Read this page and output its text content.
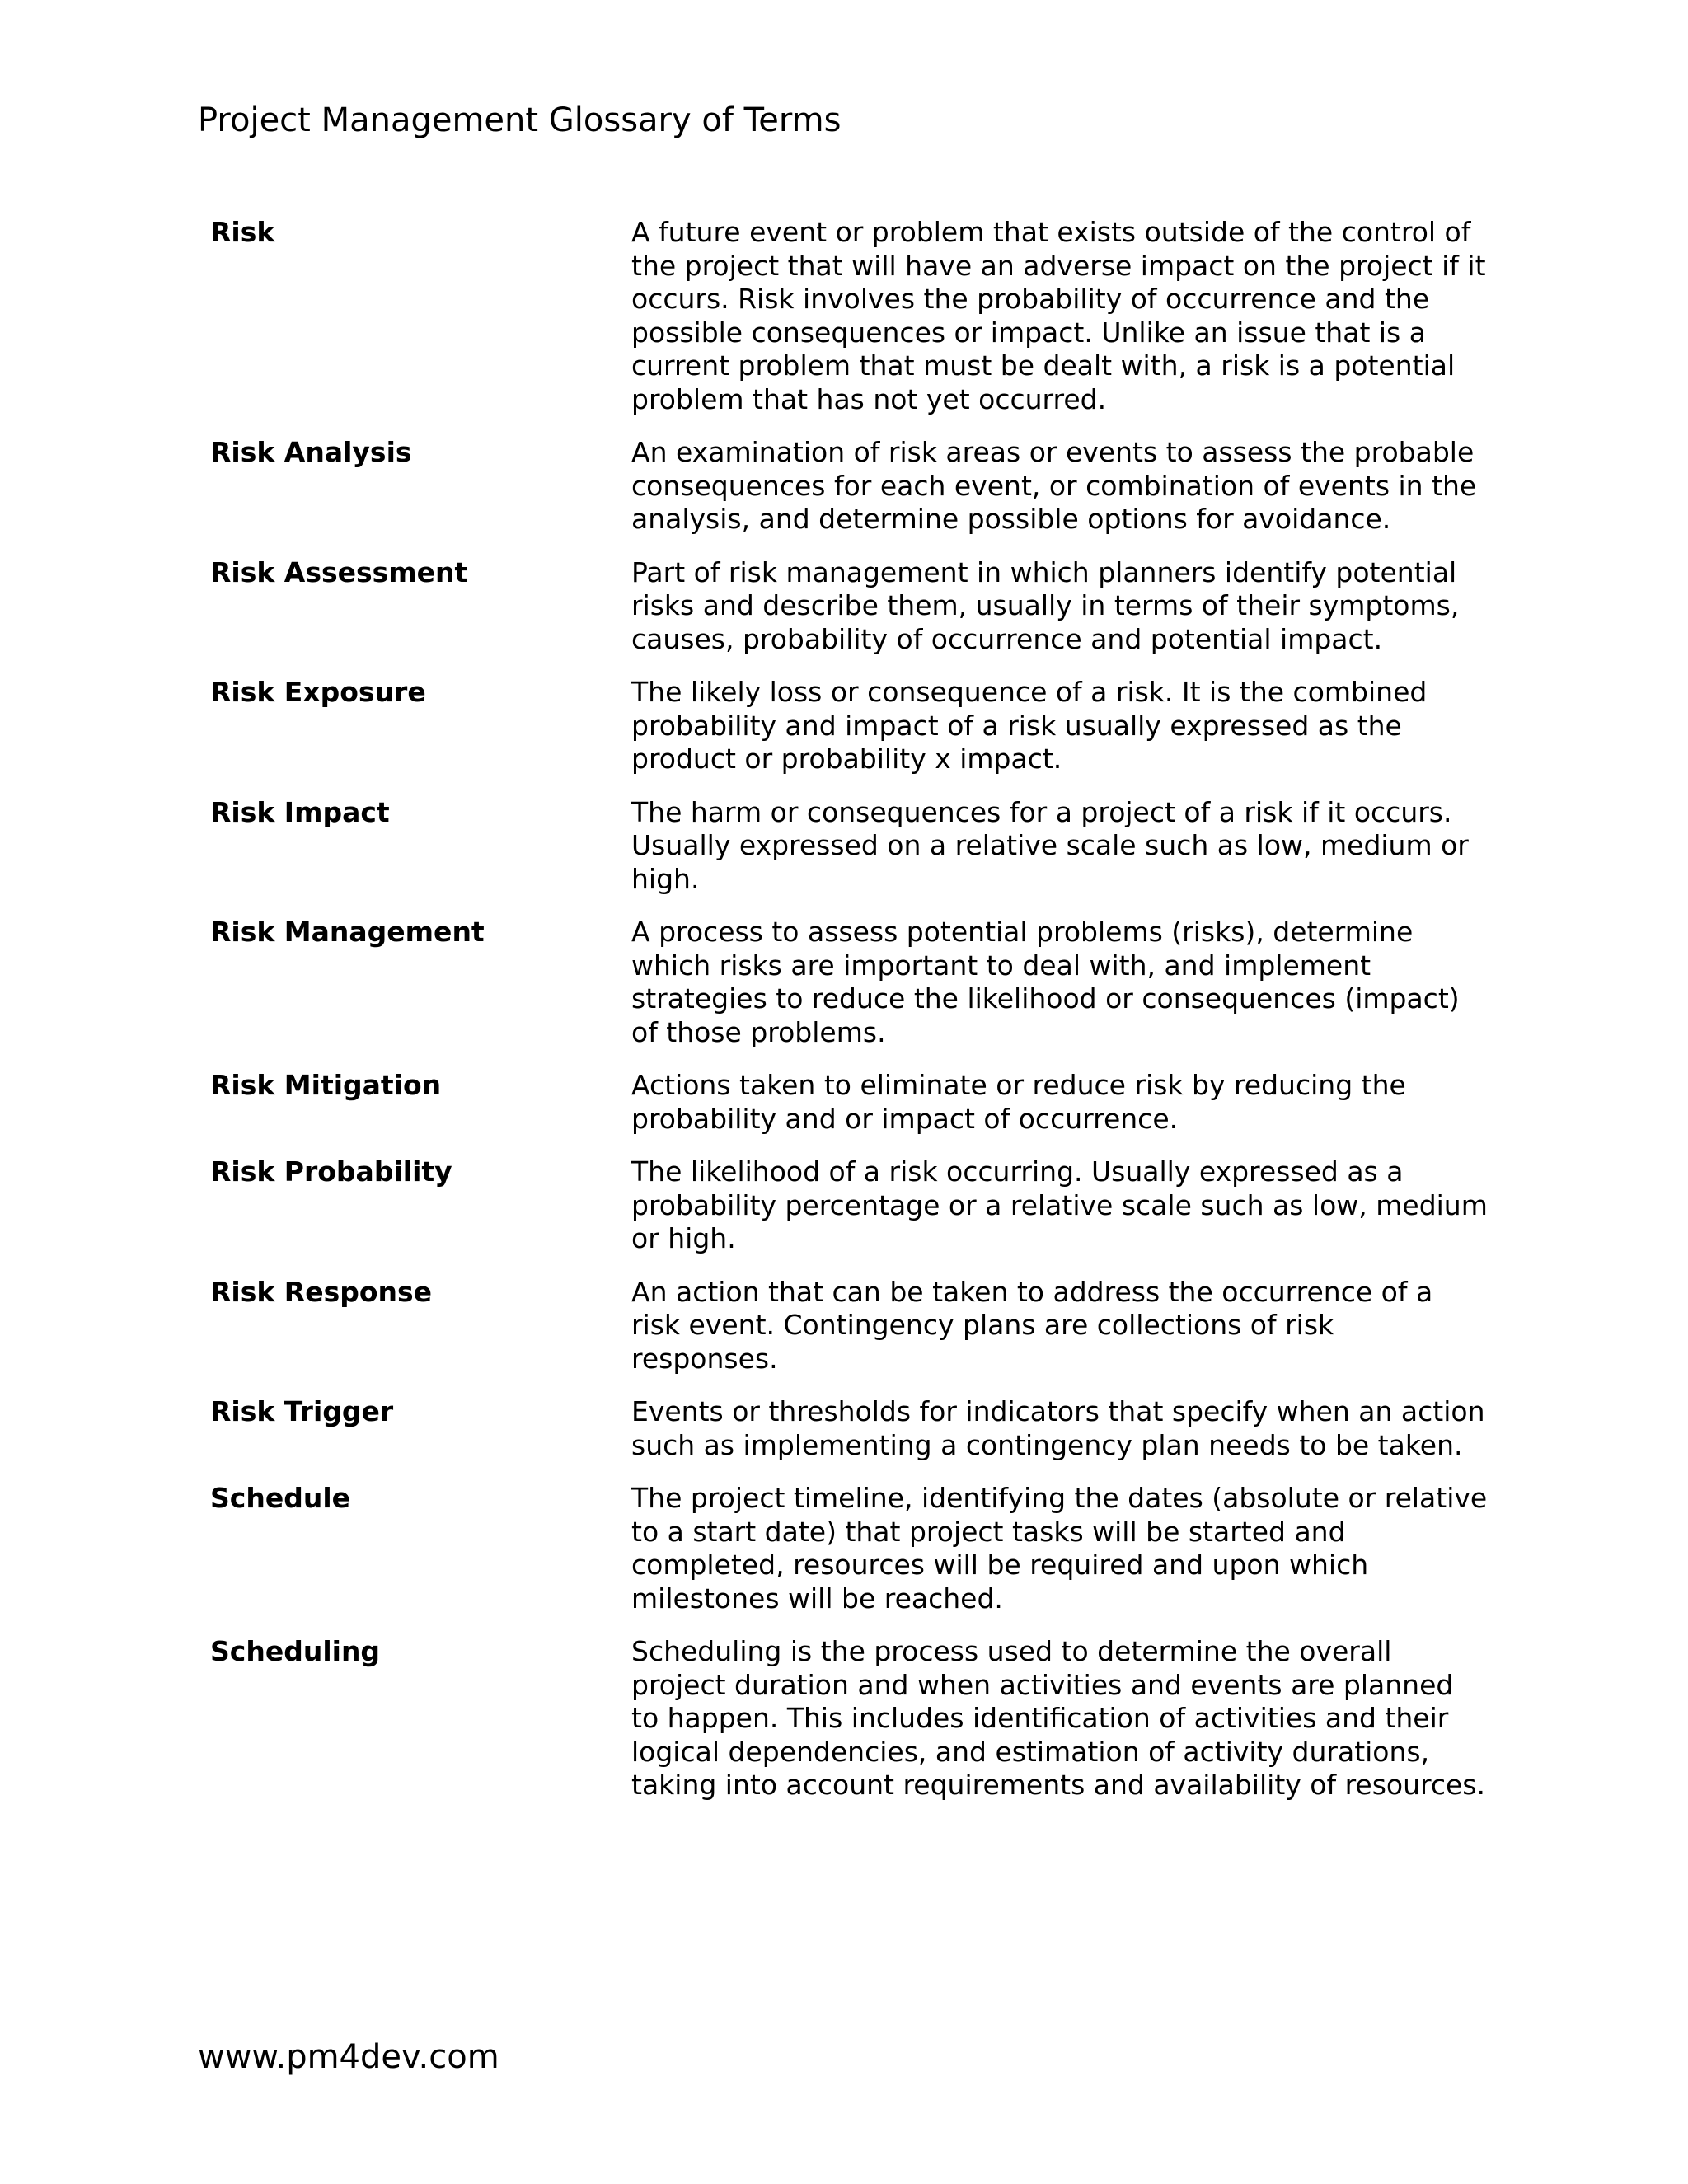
Project Management Glossary of Terms
Risk	A future event or problem that exists outside of the control of the project that will have an adverse impact on the project if it occurs. Risk involves the probability of occurrence and the possible consequences or impact. Unlike an issue that is a current problem that must be dealt with, a risk is a potential problem that has not yet occurred.
Risk Analysis	An examination of risk areas or events to assess the probable consequences for each event, or combination of events in the analysis, and determine possible options for avoidance.
Risk Assessment	Part of risk management in which planners identify potential risks and describe them, usually in terms of their symptoms, causes, probability of occurrence and potential impact.
Risk Exposure	The likely loss or consequence of a risk. It is the combined probability and impact of a risk usually expressed as the product or probability x impact.
Risk Impact	The harm or consequences for a project of a risk if it occurs. Usually expressed on a relative scale such as low, medium or high.
Risk Management	A process to assess potential problems (risks), determine which risks are important to deal with, and implement strategies to reduce the likelihood or consequences (impact) of those problems.
Risk Mitigation	Actions taken to eliminate or reduce risk by reducing the probability and or impact of occurrence.
Risk Probability	The likelihood of a risk occurring. Usually expressed as a probability percentage or a relative scale such as low, medium or high.
Risk Response	An action that can be taken to address the occurrence of a risk event. Contingency plans are collections of risk responses.
Risk Trigger	Events or thresholds for indicators that specify when an action such as implementing a contingency plan needs to be taken.
Schedule	The project timeline, identifying the dates (absolute or relative to a start date) that project tasks will be started and completed, resources will be required and upon which milestones will be reached.
Scheduling	Scheduling is the process used to determine the overall project duration and when activities and events are planned to happen. This includes identification of activities and their logical dependencies, and estimation of activity durations, taking into account requirements and availability of resources.
www.pm4dev.com
